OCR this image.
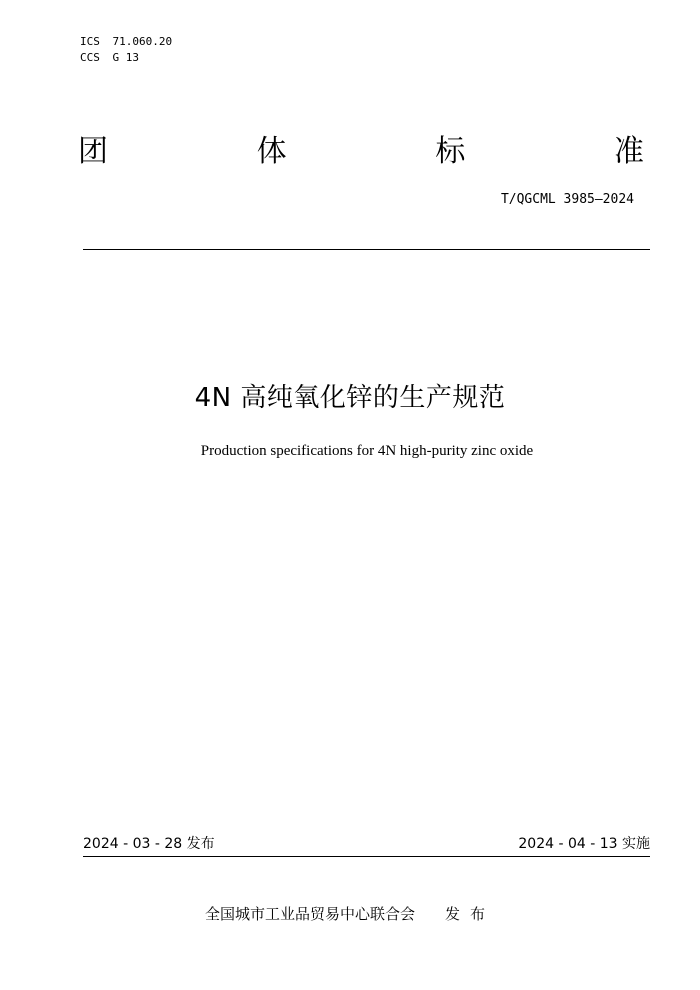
ICS 71.060.20
CCS G 13
团	体	标	准
T/QGCML 3985—2024
4N 高纯氧化锌的生产规范
Production specifications for 4N high-purity zinc oxide
2024 - 03 - 28 发布	2024 - 04 - 13 实施
全国城市工业品贸易中心联合会 发布
